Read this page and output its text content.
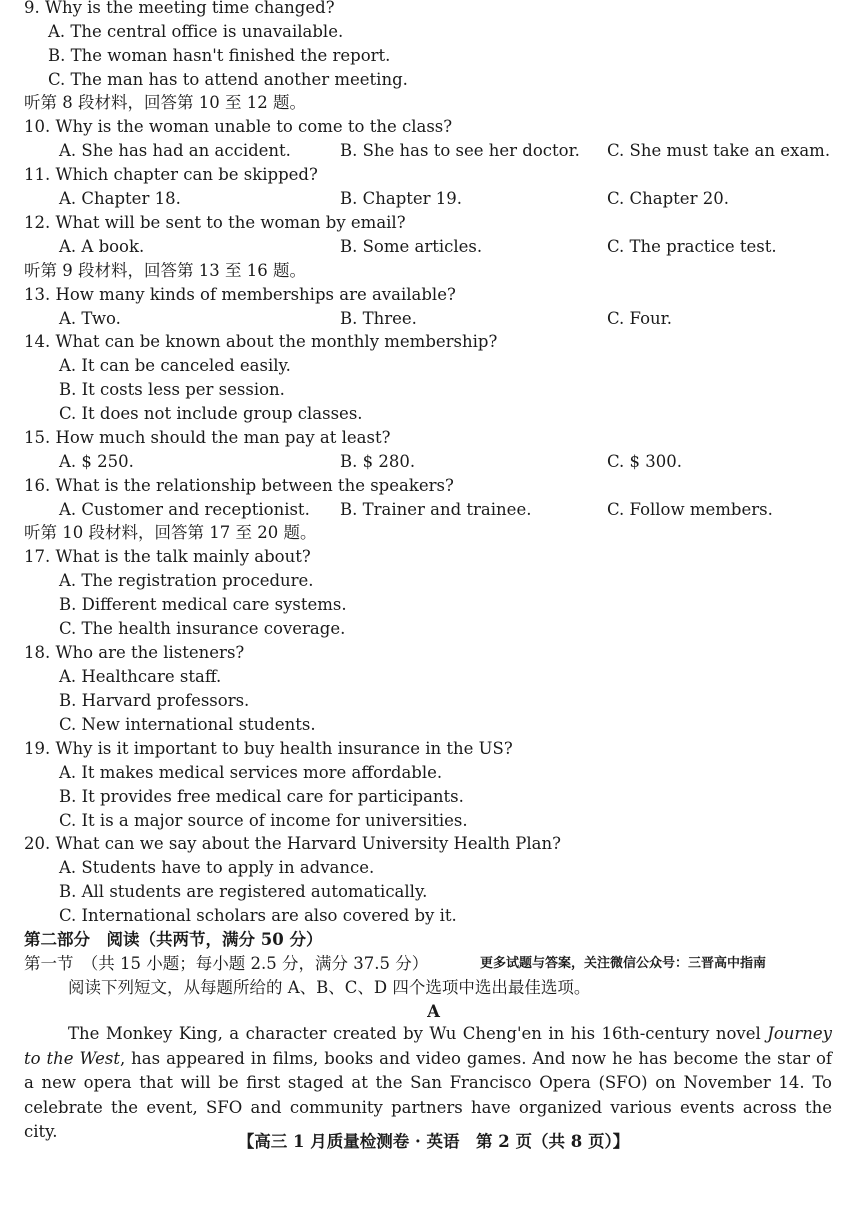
9. Why is the meeting time changed?
A. The central office is unavailable.
B. The woman hasn't finished the report.
C. The man has to attend another meeting.
听第 8 段材料，回答第 10 至 12 题。
10. Why is the woman unable to come to the class?
A. She has had an accident.	B. She has to see her doctor. C. She must take an exam.
11. Which chapter can be skipped?
A. Chapter 18.	B. Chapter 19.	C. Chapter 20.
12. What will be sent to the woman by email?
A. A book.	B. Some articles.	C. The practice test.
听第 9 段材料，回答第 13 至 16 题。
13. How many kinds of memberships are available?
A. Two.	B. Three.	C. Four.
14. What can be known about the monthly membership?
A. It can be canceled easily.
B. It costs less per session.
C. It does not include group classes.
15. How much should the man pay at least?
A. $ 250.	B. $ 280.	C. $ 300.
16. What is the relationship between the speakers?
A. Customer and receptionist. B. Trainer and trainee.	C. Follow members.
听第 10 段材料，回答第 17 至 20 题。
17. What is the talk mainly about?
A. The registration procedure.
B. Different medical care systems.
C. The health insurance coverage.
18. Who are the listeners?
A. Healthcare staff.
B. Harvard professors.
C. New international students.
19. Why is it important to buy health insurance in the US?
A. It makes medical services more affordable.
B. It provides free medical care for participants.
C. It is a major source of income for universities.
20. What can we say about the Harvard University Health Plan?
A. Students have to apply in advance.
B. All students are registered automatically.
C. International scholars are also covered by it.
第二部分　阅读（共两节，满分 50 分）
第一节　（共 15 小题；每小题 2.5 分，满分 37.5 分）	更多试题与答案，关注微信公众号：三晋高中指南
阅读下列短文，从每题所给的 A、B、C、D 四个选项中选出最佳选项。
A

The Monkey King, a character created by Wu Cheng'en in his 16th-century novel Journey to the West, has appeared in films, books and video games. And now he has become the star of a new opera that will be first staged at the San Francisco Opera (SFO) on November 14. To celebrate the event, SFO and community partners have organized various events across the city.

【高三 1 月质量检测卷 · 英语　第 2 页（共 8 页）】
